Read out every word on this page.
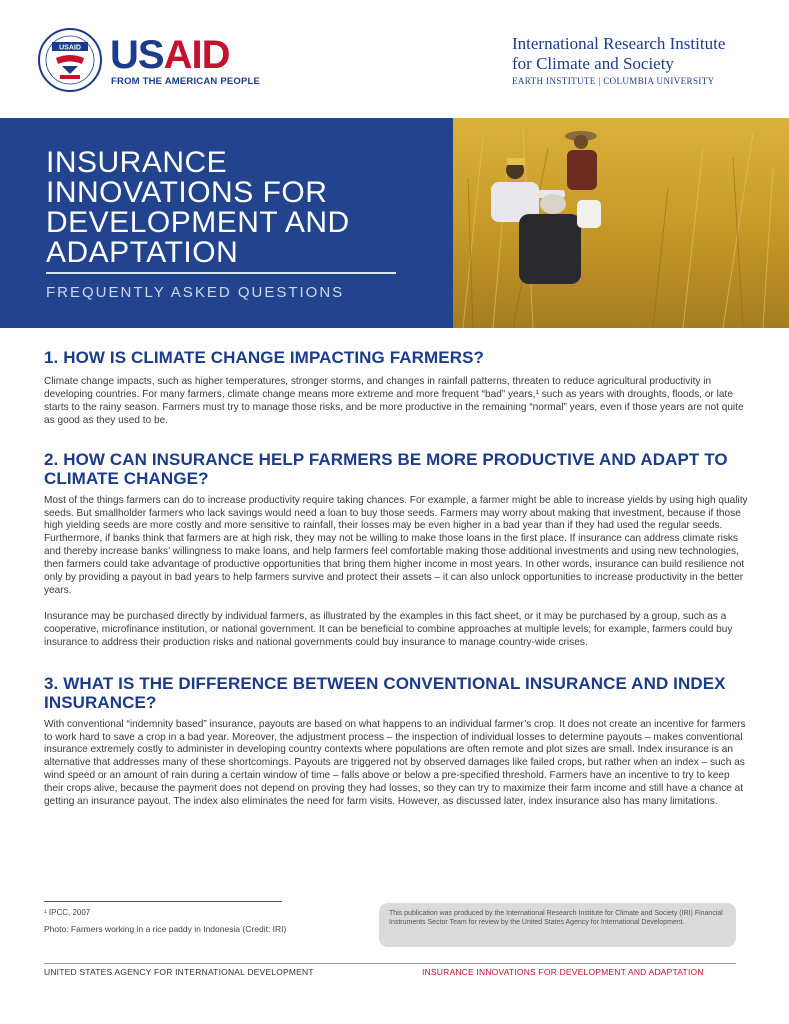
USAID USAID
FROM THE AMERICAN PEOPLE
International Research Institute
for Climate and Society
EARTH INSTITUTE | COLUMBIA UNIVERSITY
INSURANCE INNOVATIONS FOR DEVELOPMENT AND ADAPTATION
FREQUENTLY ASKED QUESTIONS
1. HOW IS CLIMATE CHANGE IMPACTING FARMERS?
Climate change impacts, such as higher temperatures, stronger storms, and changes in rainfall patterns, threaten to reduce agricultural productivity in developing countries. For many farmers, climate change means more extreme and more frequent “bad” years,¹ such as years with droughts, floods, or late starts to the rainy season. Farmers must try to manage those risks, and be more productive in the remaining “normal” years, even if those years are not quite as good as they used to be.
2. HOW CAN INSURANCE HELP FARMERS BE MORE PRODUCTIVE AND ADAPT TO CLIMATE CHANGE?
Most of the things farmers can do to increase productivity require taking chances. For example, a farmer might be able to increase yields by using high quality seeds. But smallholder farmers who lack savings would need a loan to buy those seeds. Farmers may worry about making that investment, because if those high yielding seeds are more costly and more sensitive to rainfall, their losses may be even higher in a bad year than if they had used the regular seeds. Furthermore, if banks think that farmers are at high risk, they may not be willing to make those loans in the first place. If insurance can address climate risks and thereby increase banks’ willingness to make loans, and help farmers feel comfortable making those additional investments and using new technologies, then farmers could take advantage of productive opportunities that bring them higher income in most years. In other words, insurance can build resilience not only by providing a payout in bad years to help farmers survive and protect their assets – it can also unlock opportunities to increase productivity in the better years.
Insurance may be purchased directly by individual farmers, as illustrated by the examples in this fact sheet, or it may be purchased by a group, such as a cooperative, microfinance institution, or national government. It can be beneficial to combine approaches at multiple levels; for example, farmers could buy insurance to address their production risks and national governments could buy insurance to manage country-wide crises.
3. WHAT IS THE DIFFERENCE BETWEEN CONVENTIONAL INSURANCE AND INDEX INSURANCE?
With conventional “indemnity based” insurance, payouts are based on what happens to an individual farmer’s crop. It does not create an incentive for farmers to work hard to save a crop in a bad year. Moreover, the adjustment process – the inspection of individual losses to determine payouts – makes conventional insurance extremely costly to administer in developing country contexts where populations are often remote and plot sizes are small. Index insurance is an alternative that addresses many of these shortcomings. Payouts are triggered not by observed damages like failed crops, but rather when an index – such as wind speed or an amount of rain during a certain window of time – falls above or below a pre-specified threshold. Farmers have an incentive to try to keep their crops alive, because the payment does not depend on proving they had losses, so they can try to maximize their farm income and still have a chance at getting an insurance payout. The index also eliminates the need for farm visits. However, as discussed later, index insurance also has many limitations.
¹ IPCC, 2007
Photo: Farmers working in a rice paddy in Indonesia (Credit: IRI)
This publication was produced by the International Research Institute for Climate and Society (IRI) Financial Instruments Sector Team for review by the United States Agency for International Development.
UNITED STATES AGENCY FOR INTERNATIONAL DEVELOPMENT	INSURANCE INNOVATIONS FOR DEVELOPMENT AND ADAPTATION
